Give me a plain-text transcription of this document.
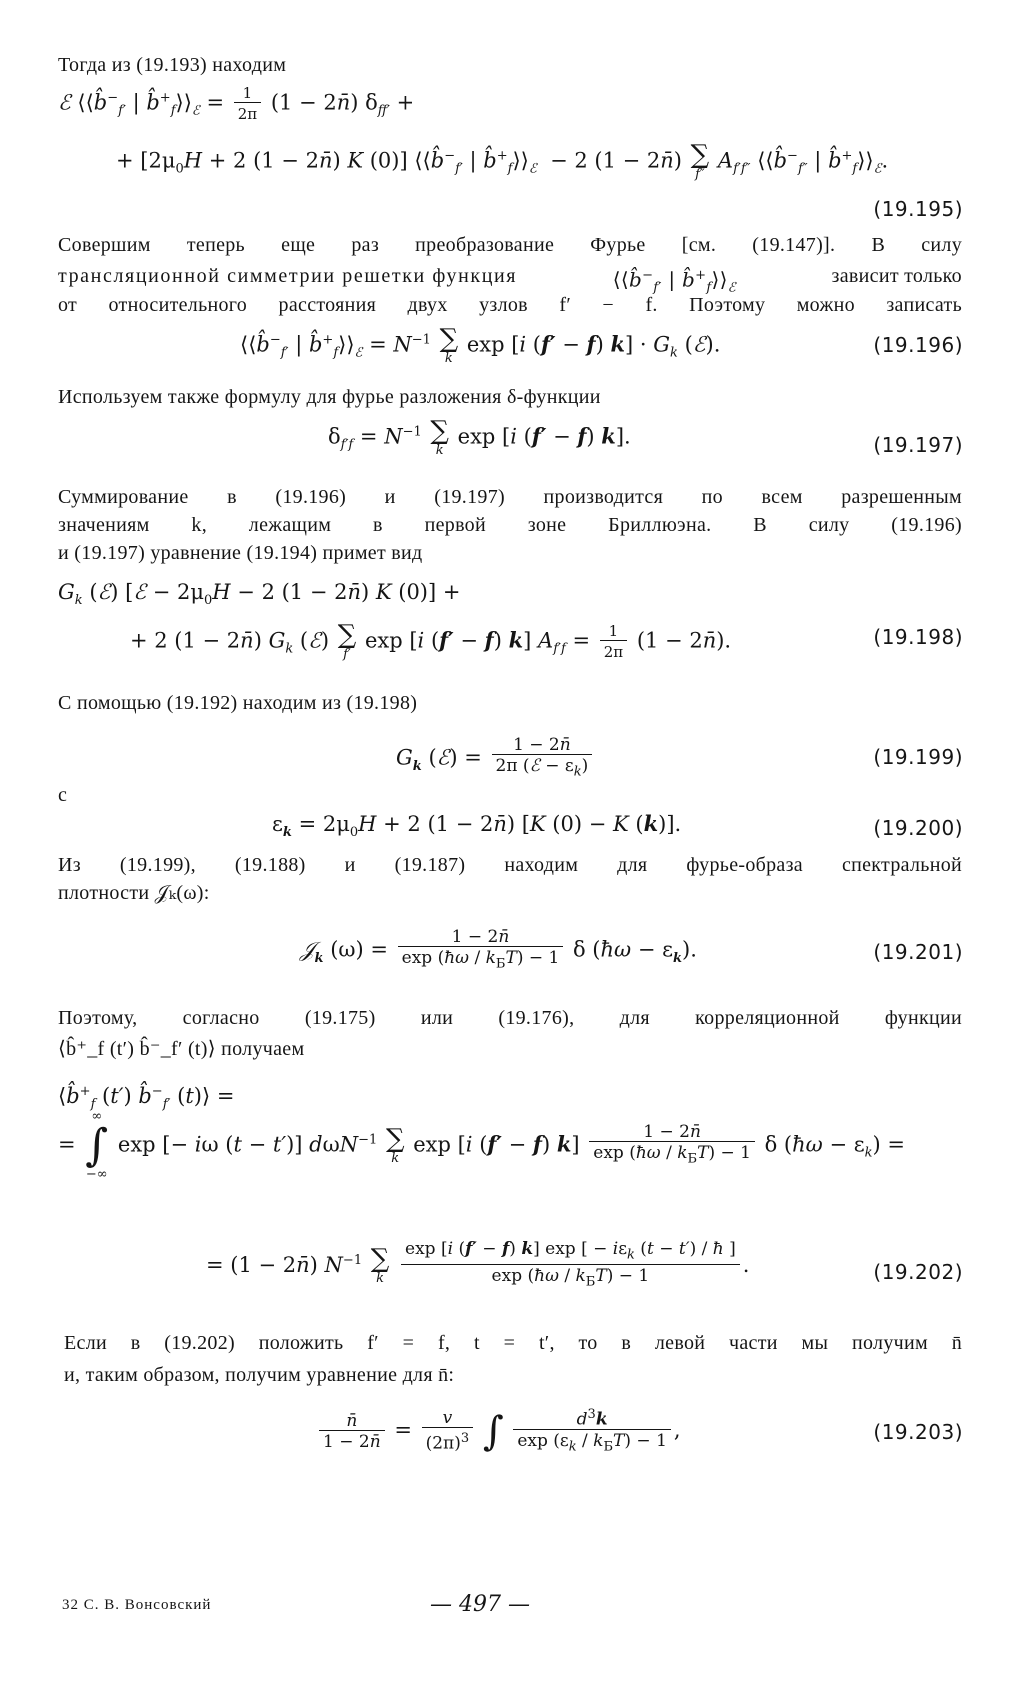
Тогда из (19.193) находим
ℰ $⟨⟨b̂^-_{f'}$ | $b̂^+_f⟩⟩_ℰ = \frac{1}{2\pi} (1$ − 2n̄) $\delta_{ff'}$ +
+ [$2\mu_0H + 2$ (1 − 2n̄) K (0)] $⟨⟨b̂^-_{f'}$ | $b̂^+_f⟩⟩_ℰ - 2$ (1 − 2n̄) ∑
f″
$A_{f'f''}$ $⟨⟨b̂^-_{f''}$ | $b̂^+_f⟩⟩_ℰ$.
(19.195)
Совершим теперь еще раз преобразование Фурье [см. (19.147)]. В силу
трансляционной симметрии решетки функция	$⟨⟨b̂^-_{f'}$ | $b̂^+_f⟩⟩_ℰ$
зависит только
от относительного расстояния двух узлов f′ − f. Поэтому можно записать
$⟨⟨b̂^-_{f'}$ | $b̂^+_f⟩⟩_ℰ = N^{-1}$ ∑
k
exp [i (f′ − f) $k] \cdot G_k$ (ℰ).	(19.196)
Используем также формулу для фурье разложения δ-функции
$\delta_{f'f} = N^{-1}$ ∑
k
exp [i (f′ − f) k].	(19.197)
Суммирование в (19.196) и (19.197) производится по всем разрешенным
значениям k, лежащим в первой зоне Бриллюэна. В силу (19.196)
и (19.197) уравнение (19.194) примет вид
$G_k$ (ℰ) [ℰ − $2\mu_0H - 2$ (1 − 2n̄) K (0)] +
+ 2 (1 − 2n̄) $G_k$ (ℰ) ∑
f′
exp [i (f′ − f) k] $A_{f'f} = \frac{1}{2\pi} (1$ − 2n̄).	(19.198)
С помощью (19.192) находим из (19.198)
$G_k$ (ℰ) = $\frac{1 - 2n̄}{2\pi (ℰ - \varepsilon_k)}$	(19.199)
с
$\varepsilon_k = 2\mu_0H + 2$ (1 − 2n̄) [K (0) − K (k)].	(19.200)
Из (19.199), (19.188) и (19.187) находим для фурье-образа спектральной
плотности 𝒥ₖ(ω):
𝒥$_k$ $(\omega) = \frac{1 - 2n̄}{\exp (ħ\omega / k_БT) - 1}$ δ (ħω − $\varepsilon_k$).	(19.201)
Поэтому, согласно (19.175) или (19.176), для корреляционной функции
⟨b̂⁺_f (t′) b̂⁻_f′ (t)⟩ получаем
$⟨b̂^+_f$ (t′) $b̂^-_{f'}$ (t)⟩ =
=
∞
∫
−∞
exp [− iω (t − t′)] dωN$^{-1}$ ∑
k
exp [i (f′ − f) $k] \frac{1 - 2n̄}{\exp (ħ\omega / k_БT) - 1}$ δ (ħω − $\varepsilon_k$) =
= (1 − 2n̄) $N^{-1}$ ∑
k
	$\frac{\exp [i (f' - f) k] \exp [ - i\varepsilon_k (t - t') / ħ ]}{\exp (ħ\omega / k_БT) - 1}$ .	(19.202)
Если в (19.202) положить f′ = f, t = t′, то в левой части мы получим n̄
и, таким образом, получим уравнение для n̄:
$\frac{n̄}{1 - 2n̄} = \frac{v}{(2\pi)^3}$ ∫ $\frac{d^3k}{\exp (\varepsilon_k / k_БT) - 1}$ ,	(19.203)
32 С. В. Вонсовский	— 497 —
